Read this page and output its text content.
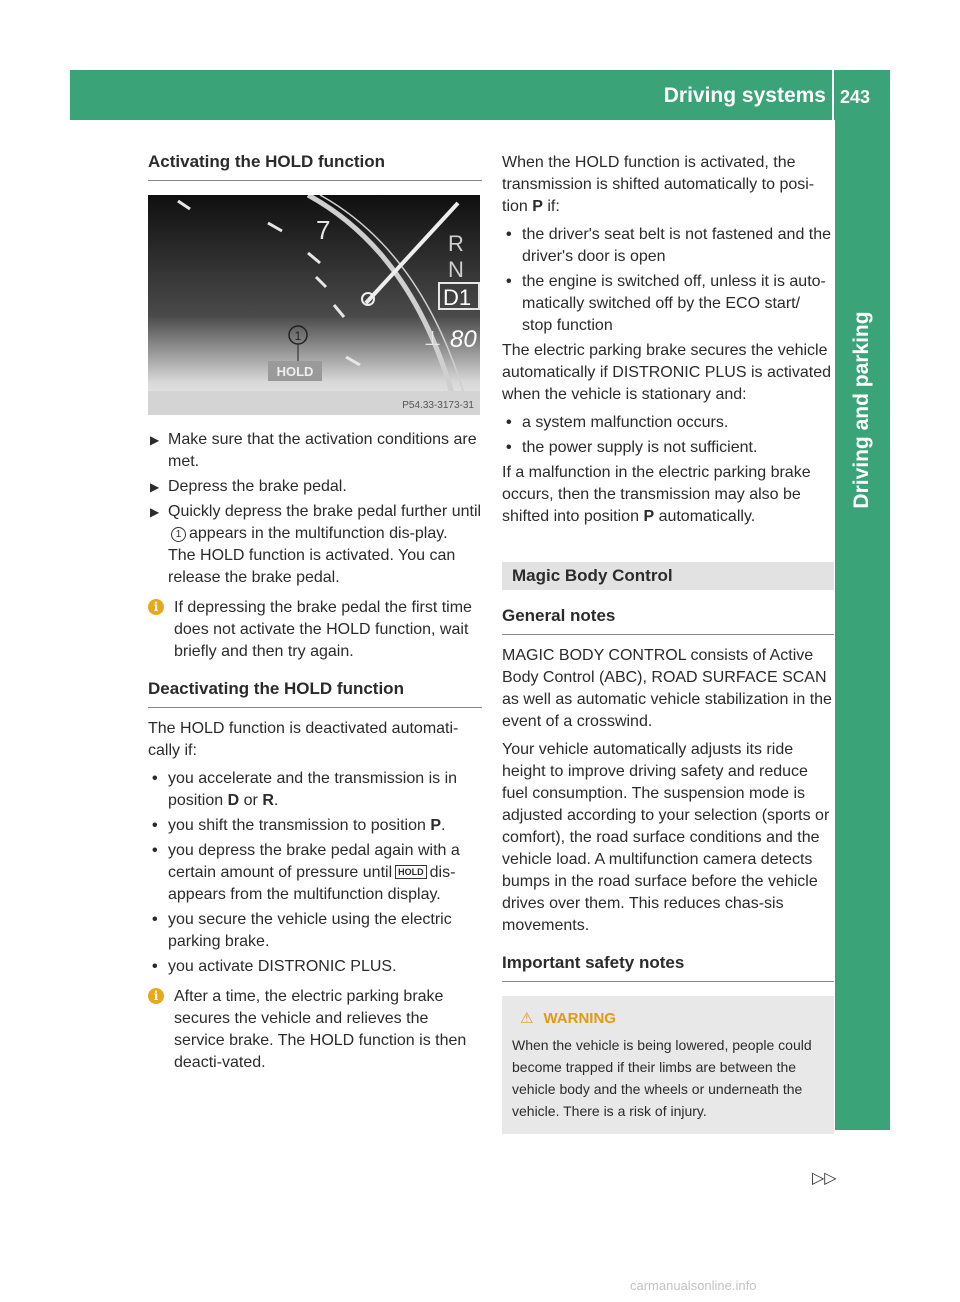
Driving systems 243
Driving and parking
Activating the HOLD function
7	R
N
D1
⊥ 80
1
HOLD
P54.33-3173-31
▶ Make sure that the activation conditions are met.
▶ Depress the brake pedal.
▶ Quickly depress the brake pedal further until1 appears in the multifunction dis-play.
The HOLD function is activated. You can release the brake pedal.
i If depressing the brake pedal the first time does not activate the HOLD function, wait briefly and then try again.
Deactivating the HOLD function
The HOLD function is deactivated automati-cally if:
• you accelerate and the transmission is in position D or R.
• you shift the transmission to position P.
• you depress the brake pedal again with a certain amount of pressure until HOLD dis-appears from the multifunction display.
• you secure the vehicle using the electric parking brake.
• you activate DISTRONIC PLUS.
i After a time, the electric parking brake secures the vehicle and relieves the service brake. The HOLD function is then deacti-vated.
When the HOLD function is activated, the transmission is shifted automatically to posi-tion P if:
• the driver's seat belt is not fastened and the driver's door is open
• the engine is switched off, unless it is auto-matically switched off by the ECO start/ stop function
The electric parking brake secures the vehicle automatically if DISTRONIC PLUS is activated when the vehicle is stationary and:
• a system malfunction occurs.
• the power supply is not sufficient.
If a malfunction in the electric parking brake occurs, then the transmission may also be shifted into position P automatically.
Magic Body Control
General notes
MAGIC BODY CONTROL consists of Active Body Control (ABC), ROAD SURFACE SCAN as well as automatic vehicle stabilization in the event of a crosswind.
Your vehicle automatically adjusts its ride height to improve driving safety and reduce fuel consumption. The suspension mode is adjusted according to your selection (sports or comfort), the road surface conditions and the vehicle load. A multifunction camera detects bumps in the road surface before the vehicle drives over them. This reduces chas-sis movements.
Important safety notes
⚠ WARNING
When the vehicle is being lowered, people could become trapped if their limbs are between the vehicle body and the wheels or underneath the vehicle. There is a risk of injury.
▷▷
carmanualsonline.info
